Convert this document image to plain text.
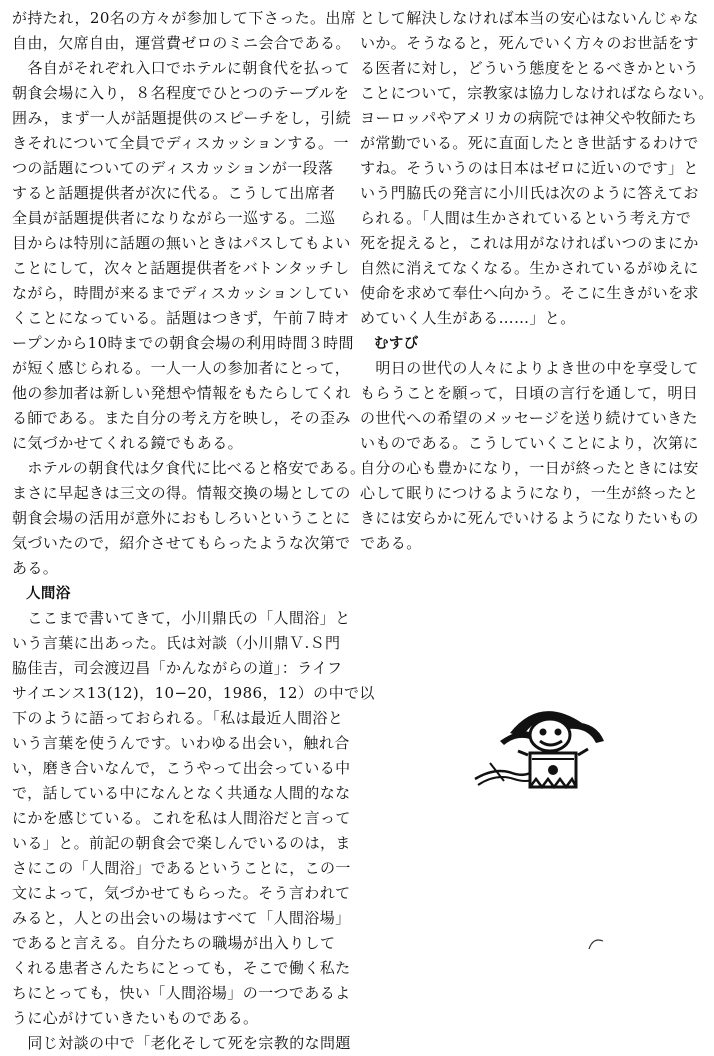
が持たれ，20名の方々が参加して下さった。出席
自由，欠席自由，運営費ゼロのミニ会合である。
　各自がそれぞれ入口でホテルに朝食代を払って
朝食会場に入り，８名程度でひとつのテーブルを
囲み，まず一人が話題提供のスピーチをし，引続
きそれについて全員でディスカッションする。一
つの話題についてのディスカッションが一段落
すると話題提供者が次に代る。こうして出席者
全員が話題提供者になりながら一巡する。二巡
目からは特別に話題の無いときはパスしてもよい
ことにして，次々と話題提供者をバトンタッチし
ながら，時間が来るまでディスカッションしてい
くことになっている。話題はつきず，午前７時オ
ープンから10時までの朝食会場の利用時間３時間
が短く感じられる。一人一人の参加者にとって，
他の参加者は新しい発想や情報をもたらしてくれ
る師である。また自分の考え方を映し，その歪み
に気づかせてくれる鏡でもある。
　ホテルの朝食代は夕食代に比べると格安である。
まさに早起きは三文の得。情報交換の場としての
朝食会場の活用が意外におもしろいということに
気づいたので，紹介させてもらったような次第で
ある。
人間浴
　ここまで書いてきて，小川鼎氏の「人間浴」と
いう言葉に出あった。氏は対談（小川鼎Ｖ.Ｓ門
脇佳吉，司会渡辺昌「かんながらの道」：ライフ
サイエンス13(12)，10−20，1986，12）の中で以
下のように語っておられる。「私は最近人間浴と
いう言葉を使うんです。いわゆる出会い，触れ合
い，磨き合いなんで，こうやって出会っている中
で，話している中になんとなく共通な人間的なな
にかを感じている。これを私は人間浴だと言って
いる」と。前記の朝食会で楽しんでいるのは，ま
さにこの「人間浴」であるということに，この一
文によって，気づかせてもらった。そう言われて
みると，人との出会いの場はすべて「人間浴場」
であると言える。自分たちの職場が出入りして
くれる患者さんたちにとっても，そこで働く私た
ちにとっても，快い「人間浴場」の一つであるよ
うに心がけていきたいものである。
　同じ対談の中で「老化そして死を宗教的な問題
として解決しなければ本当の安心はないんじゃな
いか。そうなると，死んでいく方々のお世話をす
る医者に対し，どういう態度をとるべきかという
ことについて，宗教家は協力しなければならない。
ヨーロッパやアメリカの病院では神父や牧師たち
が常勤でいる。死に直面したとき世話するわけで
すね。そういうのは日本はゼロに近いのです」と
いう門脇氏の発言に小川氏は次のように答えてお
られる。「人間は生かされているという考え方で
死を捉えると，これは用がなければいつのまにか
自然に消えてなくなる。生かされているがゆえに
使命を求めて奉仕へ向かう。そこに生きがいを求
めていく人生がある……」と。
むすび
　明日の世代の人々によりよき世の中を享受して
もらうことを願って，日頃の言行を通して，明日
の世代への希望のメッセージを送り続けていきた
いものである。こうしていくことにより，次第に
自分の心も豊かになり，一日が終ったときには安
心して眠りにつけるようになり，一生が終ったと
きには安らかに死んでいけるようになりたいもの
である。
